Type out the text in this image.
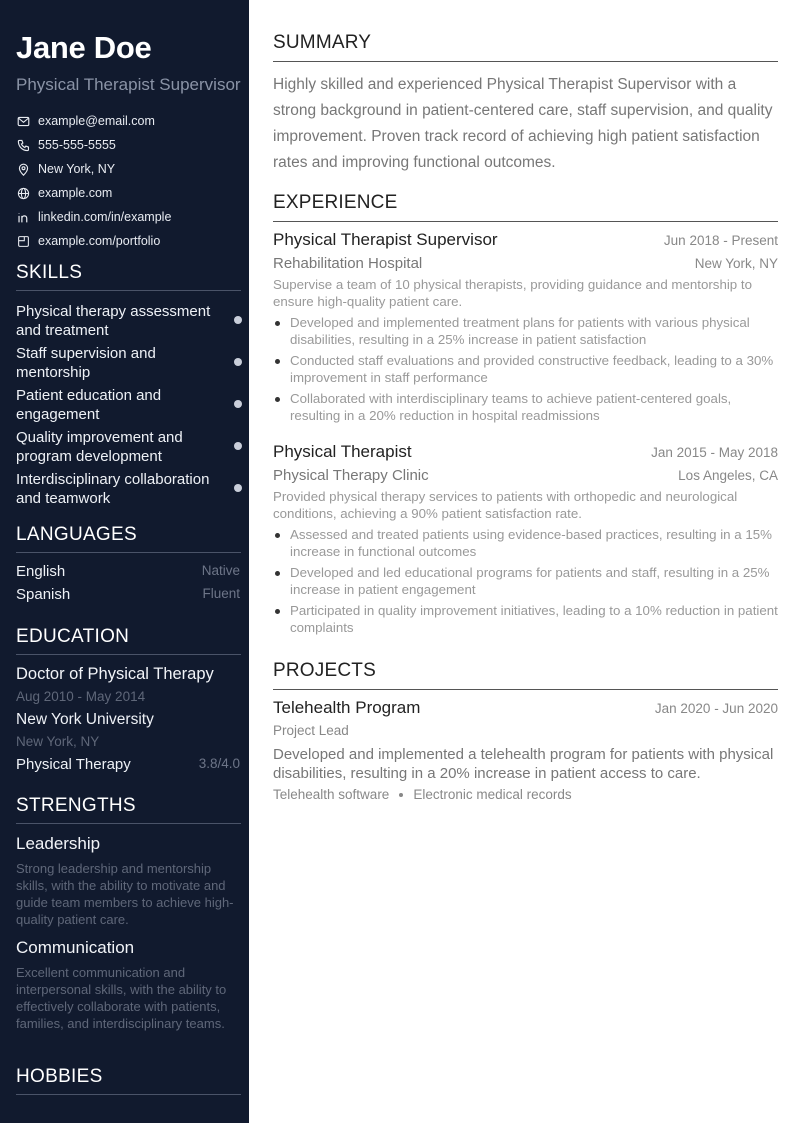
Jane Doe
Physical Therapist Supervisor
example@email.com
555-555-5555
New York, NY
example.com
linkedin.com/in/example
example.com/portfolio
SKILLS
Physical therapy assessment and treatment
Staff supervision and mentorship
Patient education and engagement
Quality improvement and program development
Interdisciplinary collaboration and teamwork
LANGUAGES
English	Native
Spanish	Fluent
EDUCATION
Doctor of Physical Therapy
Aug 2010 - May 2014
New York University
New York, NY
Physical Therapy	3.8/4.0
STRENGTHS
Leadership
Strong leadership and mentorship skills, with the ability to motivate and guide team members to achieve high-quality patient care.
Communication
Excellent communication and interpersonal skills, with the ability to effectively collaborate with patients, families, and interdisciplinary teams.
HOBBIES
SUMMARY
Highly skilled and experienced Physical Therapist Supervisor with a strong background in patient-centered care, staff supervision, and quality improvement. Proven track record of achieving high patient satisfaction rates and improving functional outcomes.
EXPERIENCE
Physical Therapist Supervisor	Jun 2018 - Present
Rehabilitation Hospital	New York, NY
Supervise a team of 10 physical therapists, providing guidance and mentorship to ensure high-quality patient care.
Developed and implemented treatment plans for patients with various physical disabilities, resulting in a 25% increase in patient satisfaction
Conducted staff evaluations and provided constructive feedback, leading to a 30% improvement in staff performance
Collaborated with interdisciplinary teams to achieve patient-centered goals, resulting in a 20% reduction in hospital readmissions
Physical Therapist	Jan 2015 - May 2018
Physical Therapy Clinic	Los Angeles, CA
Provided physical therapy services to patients with orthopedic and neurological conditions, achieving a 90% patient satisfaction rate.
Assessed and treated patients using evidence-based practices, resulting in a 15% increase in functional outcomes
Developed and led educational programs for patients and staff, resulting in a 25% increase in patient engagement
Participated in quality improvement initiatives, leading to a 10% reduction in patient complaints
PROJECTS
Telehealth Program	Jan 2020 - Jun 2020
Project Lead
Developed and implemented a telehealth program for patients with physical disabilities, resulting in a 20% increase in patient access to care.
Telehealth software Electronic medical records
